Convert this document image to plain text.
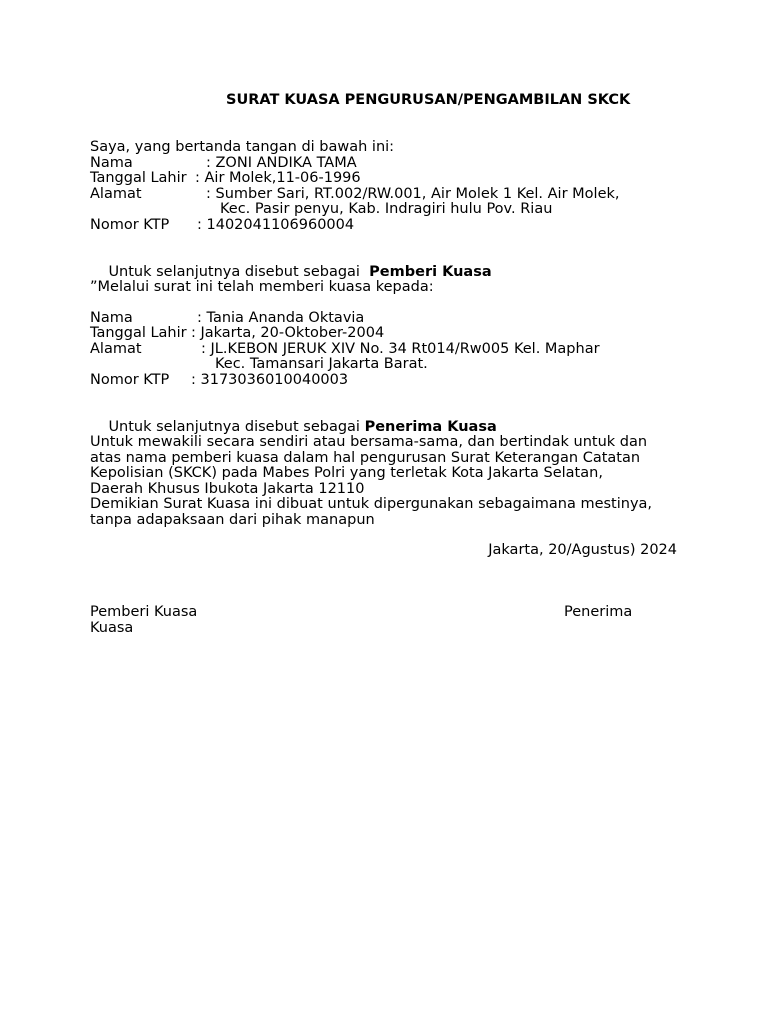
SURAT KUASA PENGURUSAN/PENGAMBILAN SKCK
Saya, yang bertanda tangan di bawah ini:
Nama	: ZONI ANDIKA TAMA
Tanggal Lahir : Air Molek,11-06-1996
Alamat	: Sumber Sari, RT.002/RW.001, Air Molek 1 Kel. Air Molek,
Kec. Pasir penyu, Kab. Indragiri hulu Pov. Riau
Nomor KTP : 1402041106960004

Untuk selanjutnya disebut sebagai Pemberi Kuasa

”Melalui surat ini telah memberi kuasa kepada:
Nama	: Tania Ananda Oktavia
Tanggal Lahir : Jakarta, 20-Oktober-2004
Alamat	: JL.KEBON JERUK XIV No. 34 Rt014/Rw005 Kel. Maphar
Kec. Tamansari Jakarta Barat.
Nomor KTP : 3173036010040003

Untuk selanjutnya disebut sebagai Penerima Kuasa

Untuk mewakili secara sendiri atau bersama-sama, dan bertindak untuk dan
atas nama pemberi kuasa dalam hal pengurusan Surat Keterangan Catatan
Kepolisian (SKCK) pada Mabes Polri yang terletak Kota Jakarta Selatan,
Daerah Khusus Ibukota Jakarta 12110
Demikian Surat Kuasa ini dibuat untuk dipergunakan sebagaimana mestinya,
tanpa adapaksaan dari pihak manapun
Jakarta, 20/Agustus) 2024
Pemberi Kuasa	Penerima
Kuasa
